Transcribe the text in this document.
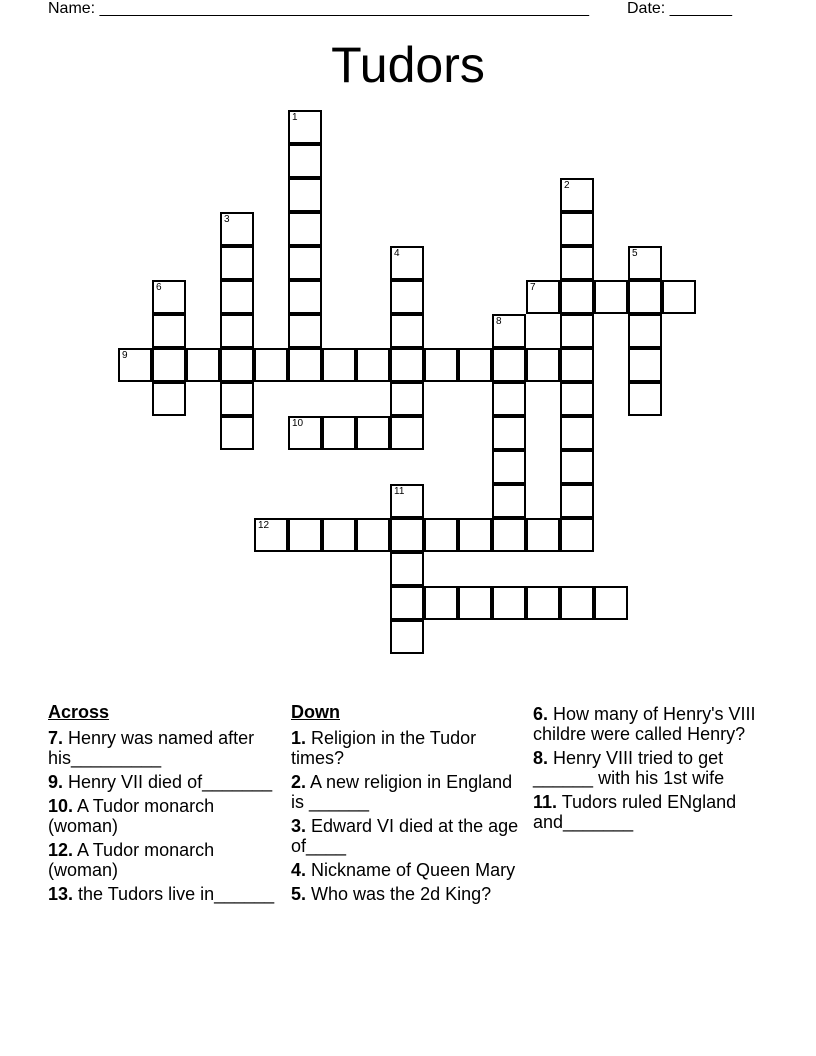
Name: _______________________________________________________ Date: _______
Tudors
1
2
3
4	5
6	7
8
9
10
11
12
Across
7. Henry was named after his_________
9. Henry VII died of_______
10. A Tudor monarch (woman)
12. A Tudor monarch (woman)
13. the Tudors live in______
Down
1. Religion in the Tudor times?
2. A new religion in England is ______
3. Edward VI died at the age of____
4. Nickname of Queen Mary
5. Who was the 2d King?
6. How many of Henry's VIII childre were called Henry?
8. Henry VIII tried to get ______ with his 1st wife
11. Tudors ruled ENgland and_______
